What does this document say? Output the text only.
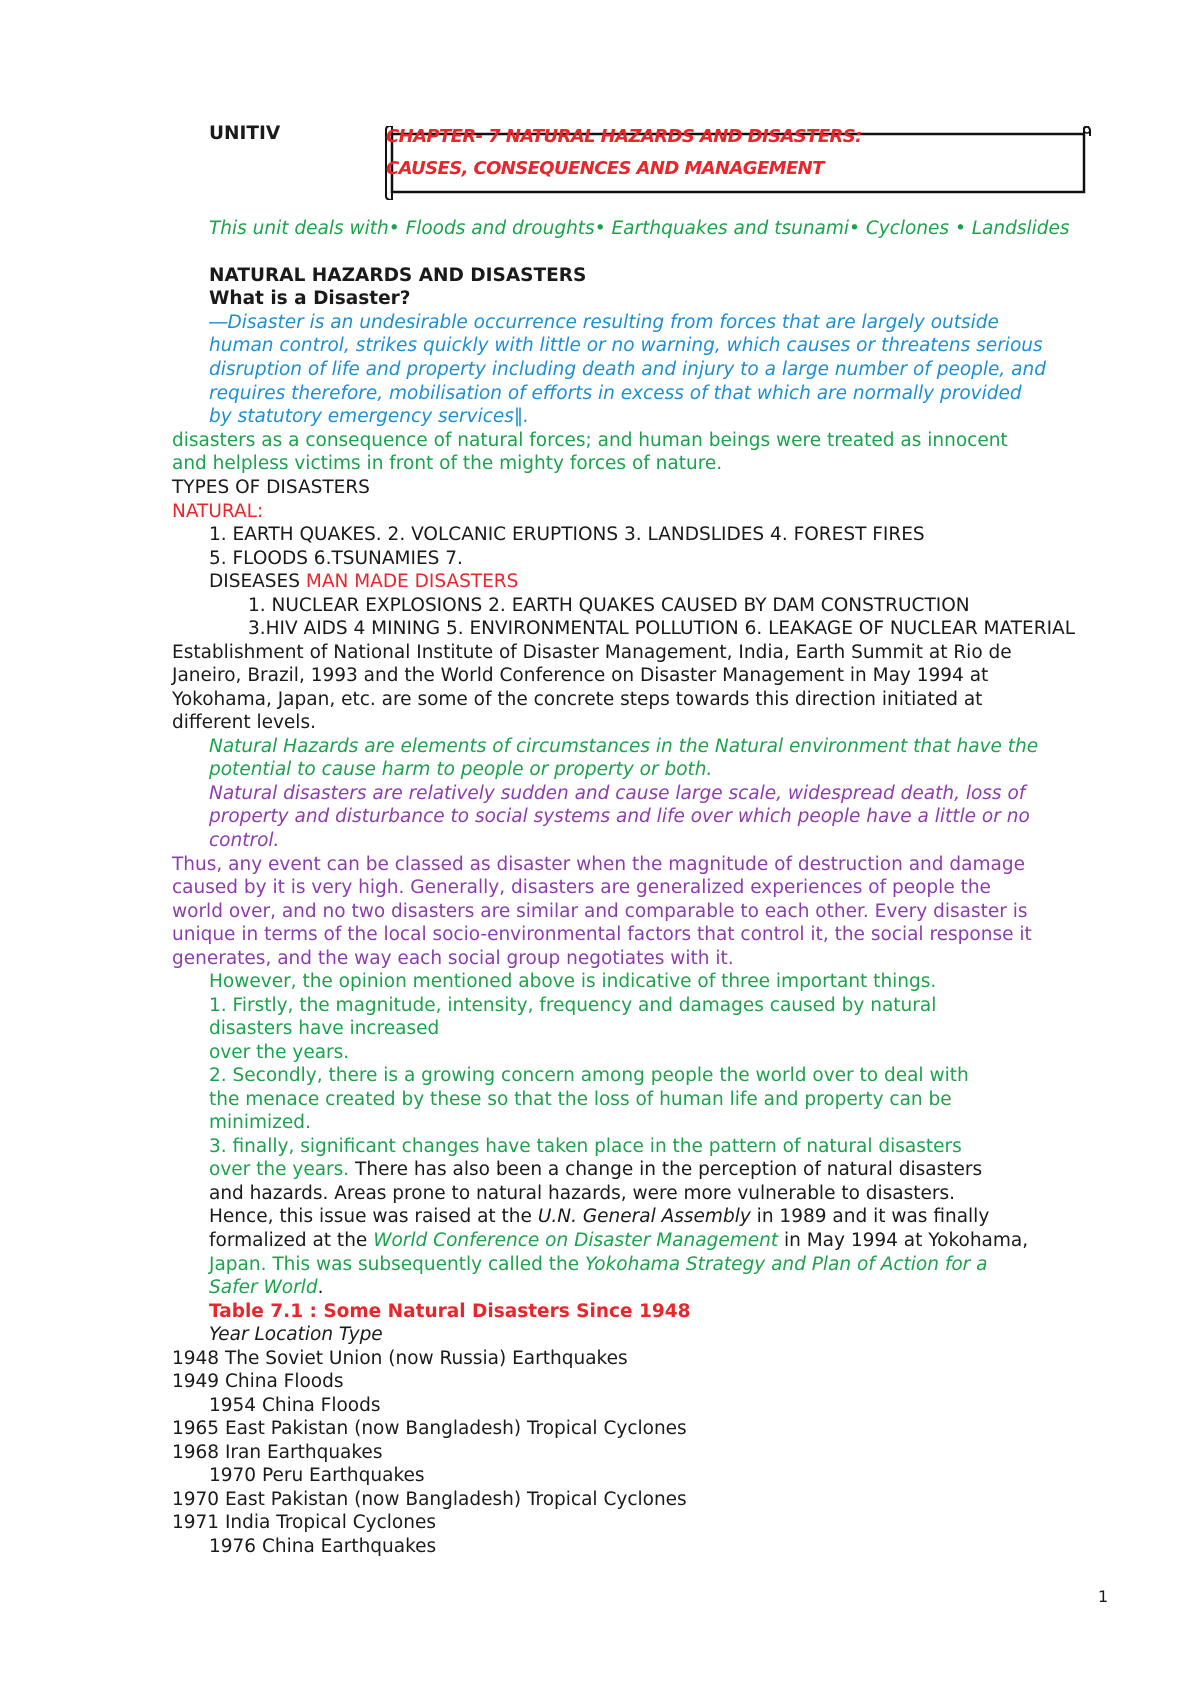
UNITIV	CHAPTER- 7 NATURAL HAZARDS AND DISASTERS:
CAUSES, CONSEQUENCES AND MANAGEMENT
This unit deals with• Floods and droughts• Earthquakes and tsunami• Cyclones • Landslides
NATURAL HAZARDS AND DISASTERS
What is a Disaster?
―Disaster is an undesirable occurrence resulting from forces that are largely outside
human control, strikes quickly with little or no warning, which causes or threatens serious
disruption of life and property including death and injury to a large number of people, and
requires therefore, mobilisation of efforts in excess of that which are normally provided
by statutory emergency services‖.
disasters as a consequence of natural forces; and human beings were treated as innocent
and helpless victims in front of the mighty forces of nature.
TYPES OF DISASTERS
NATURAL:
1. EARTH QUAKES. 2. VOLCANIC ERUPTIONS 3. LANDSLIDES 4. FOREST FIRES
5. FLOODS 6.TSUNAMIES 7.
DISEASES MAN MADE DISASTERS
1. NUCLEAR EXPLOSIONS 2. EARTH QUAKES CAUSED BY DAM CONSTRUCTION
3.HIV AIDS 4 MINING 5. ENVIRONMENTAL POLLUTION 6. LEAKAGE OF NUCLEAR MATERIAL
Establishment of National Institute of Disaster Management, India, Earth Summit at Rio de
Janeiro, Brazil, 1993 and the World Conference on Disaster Management in May 1994 at
Yokohama, Japan, etc. are some of the concrete steps towards this direction initiated at
different levels.
Natural Hazards are elements of circumstances in the Natural environment that have the
potential to cause harm to people or property or both.
Natural disasters are relatively sudden and cause large scale, widespread death, loss of
property and disturbance to social systems and life over which people have a little or no
control.
Thus, any event can be classed as disaster when the magnitude of destruction and damage
caused by it is very high. Generally, disasters are generalized experiences of people the
world over, and no two disasters are similar and comparable to each other. Every disaster is
unique in terms of the local socio-environmental factors that control it, the social response it
generates, and the way each social group negotiates with it.
However, the opinion mentioned above is indicative of three important things.
1. Firstly, the magnitude, intensity, frequency and damages caused by natural
disasters have increased
over the years.
2. Secondly, there is a growing concern among people the world over to deal with
the menace created by these so that the loss of human life and property can be
minimized.
3. finally, significant changes have taken place in the pattern of natural disasters
over the years. There has also been a change in the perception of natural disasters
and hazards. Areas prone to natural hazards, were more vulnerable to disasters.
Hence, this issue was raised at the U.N. General Assembly in 1989 and it was finally
formalized at the World Conference on Disaster Management in May 1994 at Yokohama,
Japan. This was subsequently called the Yokohama Strategy and Plan of Action for a
Safer World.
Table 7.1 : Some Natural Disasters Since 1948
Year Location Type
1948 The Soviet Union (now Russia) Earthquakes
1949 China Floods
1954 China Floods
1965 East Pakistan (now Bangladesh) Tropical Cyclones
1968 Iran Earthquakes
1970 Peru Earthquakes
1970 East Pakistan (now Bangladesh) Tropical Cyclones
1971 India Tropical Cyclones
1976 China Earthquakes
1
